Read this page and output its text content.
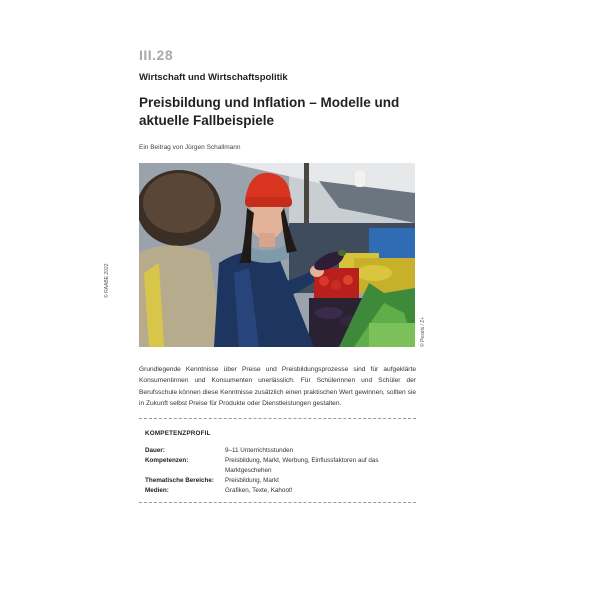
III.28
Wirtschaft und Wirtschaftspolitik
Preisbildung und Inflation – Modelle und aktuelle Fallbeispiele
Ein Beitrag von Jürgen Schallmann
© RAABE 2022
© Pexels / Z+

Grundlegende Kenntnisse über Preise und Preisbildungsprozesse sind für aufgeklärte Konsumentinnen und Konsumenten unerlässlich. Für Schülerinnen und Schüler der Berufsschule können diese Kenntnisse zusätzlich einen praktischen Wert gewinnen, sollten sie in Zukunft selbst Preise für Produkte oder Dienstleistungen gestalten.

KOMPETENZPROFIL
Dauer:	9–11 Unterrichtsstunden
Kompetenzen:	Preisbildung, Markt, Werbung, Einflussfaktoren auf das Marktgeschehen
Thematische Bereiche:	Preisbildung, Markt
Medien:	Grafiken, Texte, Kahoot!
